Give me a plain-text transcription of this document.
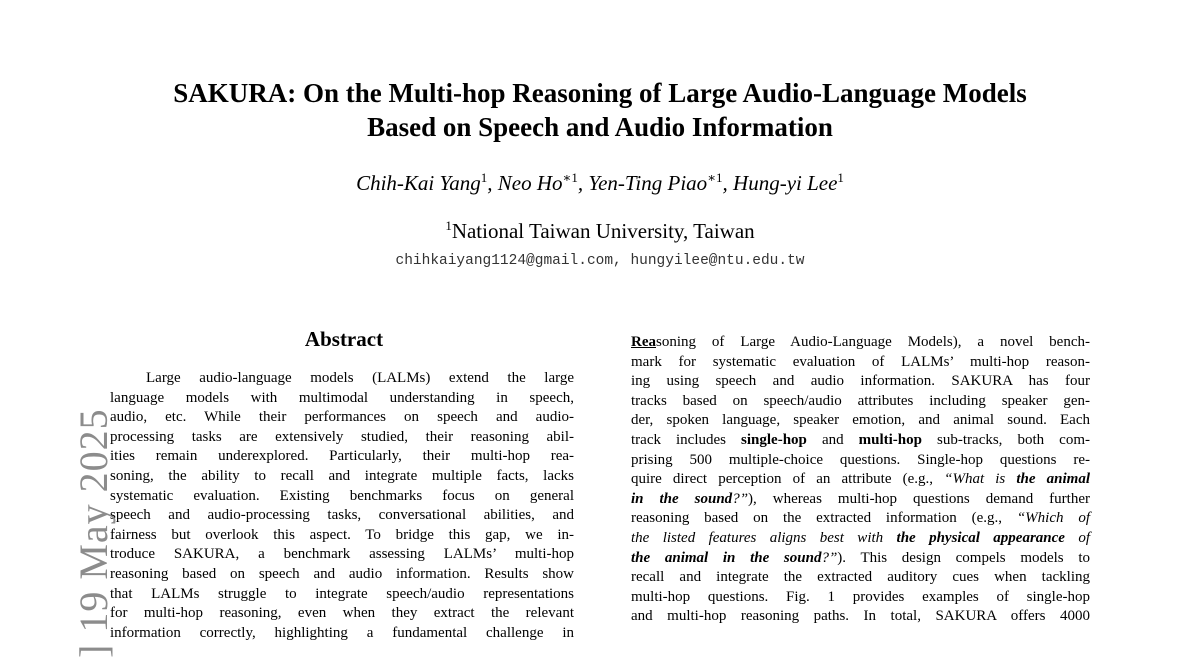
SAKURA: On the Multi-hop Reasoning of Large Audio-Language Models
Based on Speech and Audio Information
Chih-Kai Yang$^1$, Neo $Ho^{∗1}$, Yen-Ting Piao$^{∗1}$, Hung-yi Lee$^1$
$^1$National Taiwan University, Taiwan
chihkaiyang1124@gmail.com, hungyilee@ntu.edu.tw
Abstract
Large audio-language models (LALMs) extend the large
language models with multimodal understanding in speech,
audio, etc. While their performances on speech and audio-
processing tasks are extensively studied, their reasoning abil-
ities remain underexplored. Particularly, their multi-hop rea-
soning, the ability to recall and integrate multiple facts, lacks
systematic evaluation. Existing benchmarks focus on general
speech and audio-processing tasks, conversational abilities, and
fairness but overlook this aspect. To bridge this gap, we in-
troduce SAKURA, a benchmark assessing LALMs’ multi-hop
reasoning based on speech and audio information. Results show
that LALMs struggle to integrate speech/audio representations
for multi-hop reasoning, even when they extract the relevant
information correctly, highlighting a fundamental challenge in
Reasoning of Large Audio-Language Models), a novel bench-
mark for systematic evaluation of LALMs’ multi-hop reason-
ing using speech and audio information. SAKURA has four
tracks based on speech/audio attributes including speaker gen-
der, spoken language, speaker emotion, and animal sound. Each
track includes single-hop and multi-hop sub-tracks, both com-
prising 500 multiple-choice questions. Single-hop questions re-
quire direct perception of an attribute (e.g., “What is the animal
in the sound?”), whereas multi-hop questions demand further
reasoning based on the extracted information (e.g., “Which of
the listed features aligns best with the physical appearance of
the animal in the sound?”). This design compels models to
recall and integrate the extracted auditory cues when tackling
multi-hop questions. Fig. 1 provides examples of single-hop
and multi-hop reasoning paths. In total, SAKURA offers 4000
] 19 May 2025
